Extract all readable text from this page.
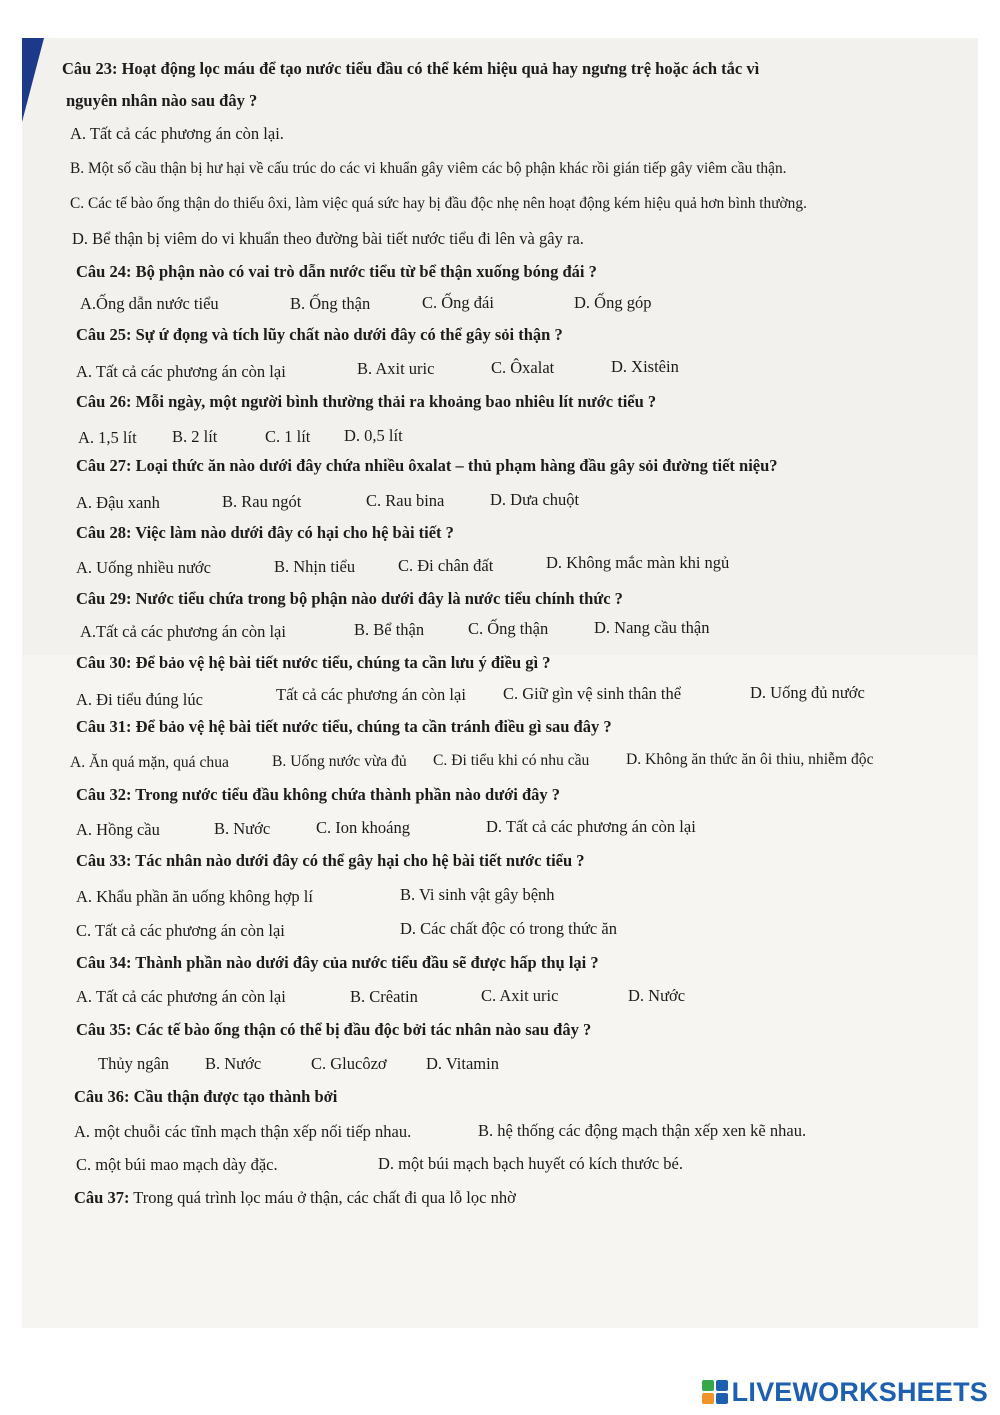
Câu 23: Hoạt động lọc máu để tạo nước tiểu đầu có thể kém hiệu quả hay ngưng trệ hoặc ách tắc vì
nguyên nhân nào sau đây ?
A. Tất cả các phương án còn lại.
B. Một số cầu thận bị hư hại về cấu trúc do các vi khuẩn gây viêm các bộ phận khác rồi gián tiếp gây viêm cầu thận.
C. Các tế bào ống thận do thiếu ôxi, làm việc quá sức hay bị đầu độc nhẹ nên hoạt động kém hiệu quả hơn bình thường.
D. Bể thận bị viêm do vi khuẩn theo đường bài tiết nước tiểu đi lên và gây ra.
Câu 24: Bộ phận nào có vai trò dẫn nước tiểu từ bể thận xuống bóng đái ?
A.Ống dẫn nước tiểu	B. Ống thận	C. Ống đái	D. Ống góp
Câu 25: Sự ứ đọng và tích lũy chất nào dưới đây có thể gây sỏi thận ?
A. Tất cả các phương án còn lại	B. Axit uric	C. Ôxalat	D. Xistêin
Câu 26: Mỗi ngày, một người bình thường thải ra khoảng bao nhiêu lít nước tiểu ?
A. 1,5 lít B. 2 lít	C. 1 lít D. 0,5 lít
Câu 27: Loại thức ăn nào dưới đây chứa nhiều ôxalat – thủ phạm hàng đầu gây sỏi đường tiết niệu?
A. Đậu xanh	B. Rau ngót	C. Rau bina	D. Dưa chuột
Câu 28: Việc làm nào dưới đây có hại cho hệ bài tiết ?
A. Uống nhiều nước	B. Nhịn tiểu	C. Đi chân đất	D. Không mắc màn khi ngủ
Câu 29: Nước tiểu chứa trong bộ phận nào dưới đây là nước tiểu chính thức ?
A.Tất cả các phương án còn lại	B. Bể thận	C. Ống thận	D. Nang cầu thận
Câu 30: Để bảo vệ hệ bài tiết nước tiểu, chúng ta cần lưu ý điều gì ?
A. Đi tiểu đúng lúc	Tất cả các phương án còn lại C. Giữ gìn vệ sinh thân thể	D. Uống đủ nước
Câu 31: Để bảo vệ hệ bài tiết nước tiểu, chúng ta cần tránh điều gì sau đây ?
A. Ăn quá mặn, quá chua	B. Uống nước vừa đủ C. Đi tiểu khi có nhu cầu D. Không ăn thức ăn ôi thiu, nhiễm độc
Câu 32: Trong nước tiểu đầu không chứa thành phần nào dưới đây ?
A. Hồng cầu	B. Nước	C. Ion khoáng	D. Tất cả các phương án còn lại
Câu 33: Tác nhân nào dưới đây có thể gây hại cho hệ bài tiết nước tiểu ?
A. Khẩu phần ăn uống không hợp lí	B. Vi sinh vật gây bệnh
C. Tất cả các phương án còn lại	D. Các chất độc có trong thức ăn
Câu 34: Thành phần nào dưới đây của nước tiểu đầu sẽ được hấp thụ lại ?
A. Tất cả các phương án còn lại	B. Crêatin	C. Axit uric	D. Nước
Câu 35: Các tế bào ống thận có thể bị đầu độc bởi tác nhân nào sau đây ?
Thủy ngân B. Nước	C. Glucôzơ D. Vitamin
Câu 36: Cầu thận được tạo thành bởi
A. một chuỗi các tĩnh mạch thận xếp nối tiếp nhau.	B. hệ thống các động mạch thận xếp xen kẽ nhau.
C. một búi mao mạch dày đặc.	D. một búi mạch bạch huyết có kích thước bé.
Câu 37: Trong quá trình lọc máu ở thận, các chất đi qua lỗ lọc nhờ
LIVEWORKSHEETS
